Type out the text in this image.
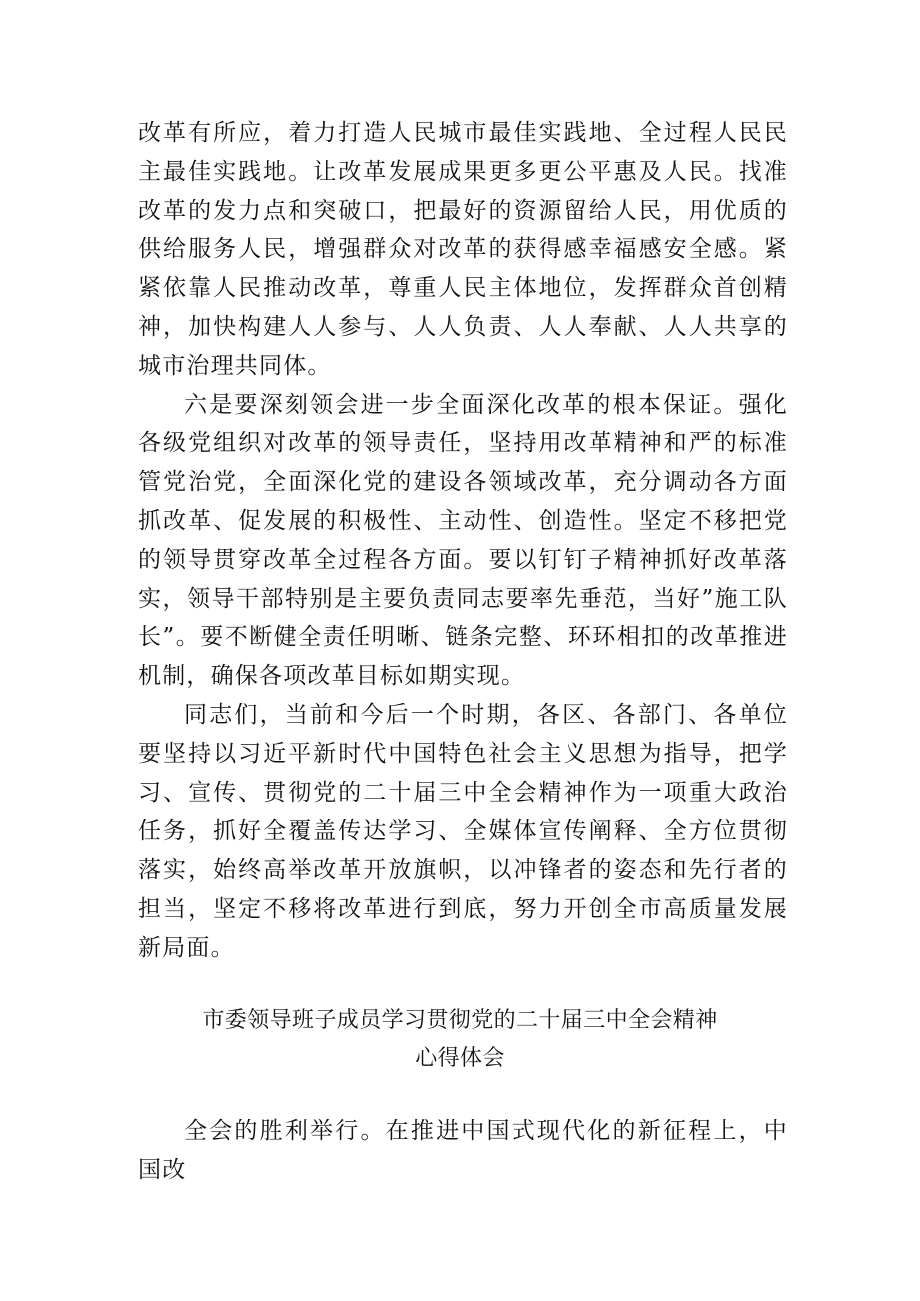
改革有所应，着力打造人民城市最佳实践地、全过程人民民主最佳实践地。让改革发展成果更多更公平惠及人民。找准改革的发力点和突破口，把最好的资源留给人民，用优质的供给服务人民，增强群众对改革的获得感幸福感安全感。紧紧依靠人民推动改革，尊重人民主体地位，发挥群众首创精神，加快构建人人参与、人人负责、人人奉献、人人共享的城市治理共同体。

六是要深刻领会进一步全面深化改革的根本保证。强化各级党组织对改革的领导责任，坚持用改革精神和严的标准管党治党，全面深化党的建设各领域改革，充分调动各方面抓改革、促发展的积极性、主动性、创造性。坚定不移把党的领导贯穿改革全过程各方面。要以钉钉子精神抓好改革落实，领导干部特别是主要负责同志要率先垂范，当好”施工队长”。要不断健全责任明晰、链条完整、环环相扣的改革推进机制，确保各项改革目标如期实现。

同志们，当前和今后一个时期，各区、各部门、各单位要坚持以习近平新时代中国特色社会主义思想为指导，把学习、宣传、贯彻党的二十届三中全会精神作为一项重大政治任务，抓好全覆盖传达学习、全媒体宣传阐释、全方位贯彻落实，始终高举改革开放旗帜，以冲锋者的姿态和先行者的担当，坚定不移将改革进行到底，努力开创全市高质量发展新局面。

市委领导班子成员学习贯彻党的二十届三中全会精神
心得体会

全会的胜利举行。在推进中国式现代化的新征程上，中国改
